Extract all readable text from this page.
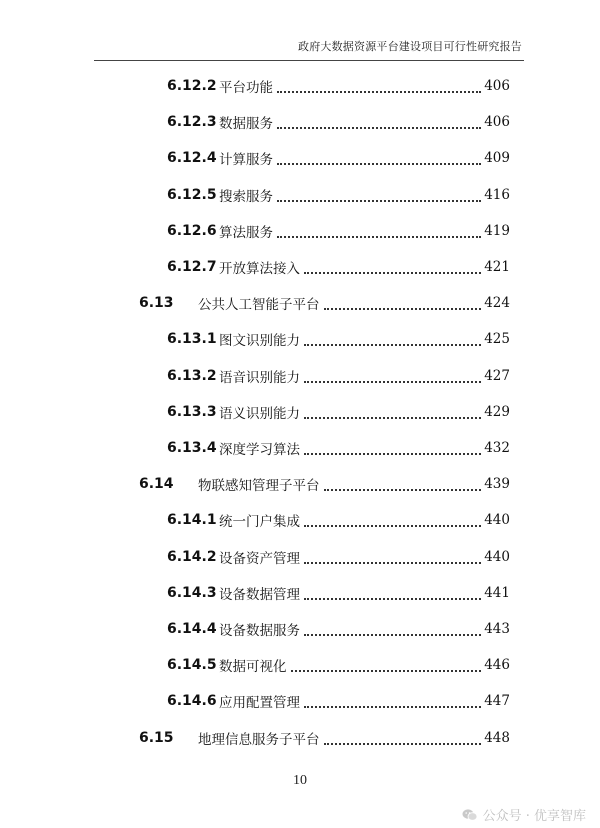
政府大数据资源平台建设项目可行性研究报告
6.12.2 平台功能	406
6.12.3 数据服务	406
6.12.4 计算服务	409
6.12.5 搜索服务	416
6.12.6 算法服务	419
6.12.7 开放算法接入	421
6.13 公共人工智能子平台	424
6.13.1 图文识别能力	425
6.13.2 语音识别能力	427
6.13.3 语义识别能力	429
6.13.4 深度学习算法	432
6.14 物联感知管理子平台	439
6.14.1 统一门户集成	440
6.14.2 设备资产管理	440
6.14.3 设备数据管理	441
6.14.4 设备数据服务	443
6.14.5 数据可视化	446
6.14.6 应用配置管理	447
6.15 地理信息服务子平台	448
10
公众号 · 优享智库
